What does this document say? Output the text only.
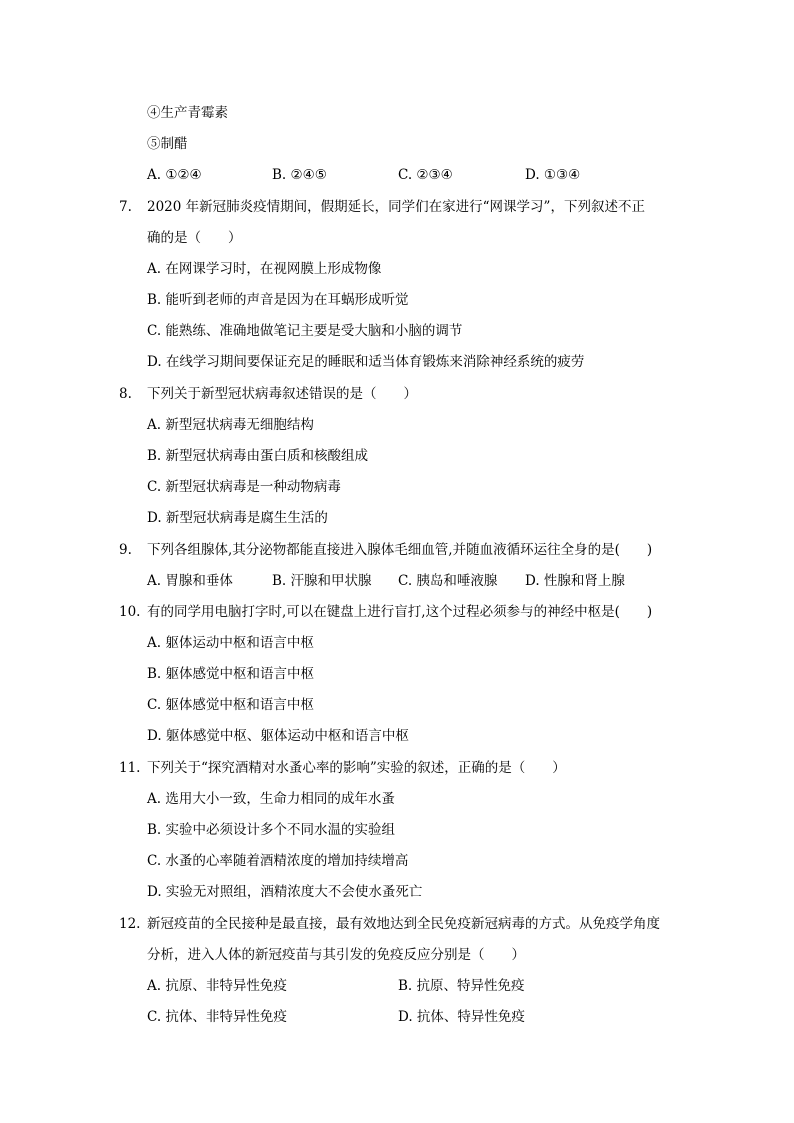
④生产青霉素
⑤制醋
A. ①②④	B. ②④⑤	C. ②③④	D. ①③④
7. 2020 年新冠肺炎疫情期间，假期延长，同学们在家进行“网课学习”，下列叙述不正
确的是（　　）
A. 在网课学习时，在视网膜上形成物像
B. 能听到老师的声音是因为在耳蜗形成听觉
C. 能熟练、准确地做笔记主要是受大脑和小脑的调节
D. 在线学习期间要保证充足的睡眠和适当体育锻炼来消除神经系统的疲劳
8. 下列关于新型冠状病毒叙述错误的是（　　）
A. 新型冠状病毒无细胞结构
B. 新型冠状病毒由蛋白质和核酸组成
C. 新型冠状病毒是一种动物病毒
D. 新型冠状病毒是腐生生活的
9. 下列各组腺体,其分泌物都能直接进入腺体毛细血管,并随血液循环运往全身的是(　　)
A. 胃腺和垂体	B. 汗腺和甲状腺 C. 胰岛和唾液腺 D. 性腺和肾上腺
10. 有的同学用电脑打字时,可以在键盘上进行盲打,这个过程必须参与的神经中枢是(　　)
A. 躯体运动中枢和语言中枢
B. 躯体感觉中枢和语言中枢
C. 躯体感觉中枢和语言中枢
D. 躯体感觉中枢、躯体运动中枢和语言中枢
11. 下列关于“探究酒精对水蚤心率的影响”实验的叙述，正确的是（　　）
A. 选用大小一致，生命力相同的成年水蚤
B. 实验中必须设计多个不同水温的实验组
C. 水蚤的心率随着酒精浓度的增加持续增高
D. 实验无对照组，酒精浓度大不会使水蚤死亡
12. 新冠疫苗的全民接种是最直接，最有效地达到全民免疫新冠病毒的方式。从免疫学角度
分析，进入人体的新冠疫苗与其引发的免疫反应分别是（　　）
A. 抗原、非特异性免疫	B. 抗原、特异性免疫
C. 抗体、非特异性免疫	D. 抗体、特异性免疫
